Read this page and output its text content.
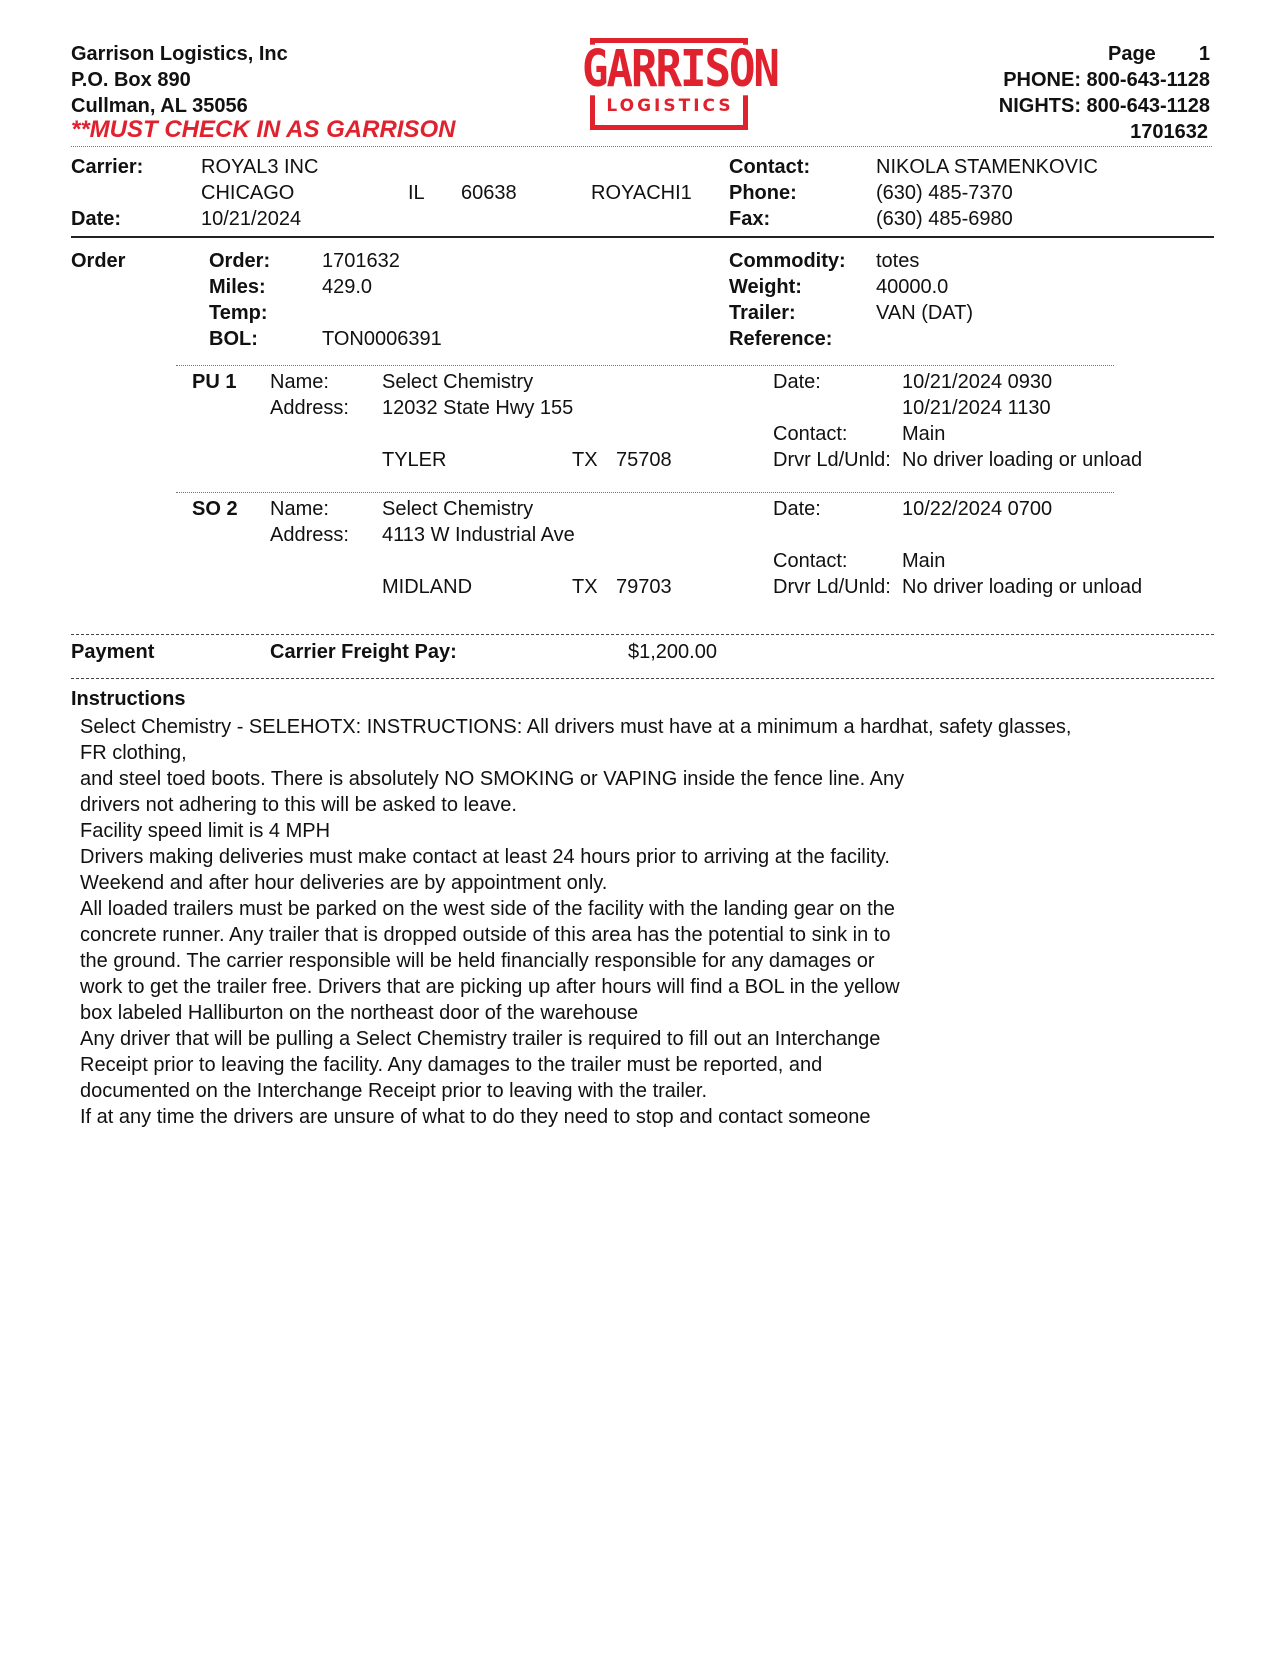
Garrison Logistics, Inc
P.O. Box 890
Cullman, AL 35056
**MUST CHECK IN AS GARRISON
GARRISON
LOGISTICS
Page	1
PHONE: 800-643-1128
NIGHTS: 800-643-1128
1701632
Carrier:	ROYAL3 INC
CHICAGO	IL 60638	ROYACHI1
Date:	10/21/2024
Contact:	NIKOLA STAMENKOVIC
Phone:	(630) 485-7370
Fax:	(630) 485-6980
Order	Order:	1701632
Miles:	429.0
Temp:
BOL:	TON0006391
Commodity: totes
Weight:	40000.0
Trailer:	VAN (DAT)
Reference:
PU 1 Name:	Select Chemistry
Address: 12032 State Hwy 155
TYLER	TX 75708
Date:	10/21/2024 0930
10/21/2024 1130
Contact:	Main
Drvr Ld/Unld: No driver loading or unload
SO 2 Name:	Select Chemistry
Address: 4113 W Industrial Ave
MIDLAND	TX 79703
Date:	10/22/2024 0700
Contact:	Main
Drvr Ld/Unld: No driver loading or unload
Payment	Carrier Freight Pay:	$1,200.00
Instructions
Select Chemistry - SELEHOTX: INSTRUCTIONS: All drivers must have at a minimum a hardhat, safety glasses,
FR clothing,
and steel toed boots. There is absolutely NO SMOKING or VAPING inside the fence line. Any
drivers not adhering to this will be asked to leave.
Facility speed limit is 4 MPH
Drivers making deliveries must make contact at least 24 hours prior to arriving at the facility.
Weekend and after hour deliveries are by appointment only.
All loaded trailers must be parked on the west side of the facility with the landing gear on the
concrete runner. Any trailer that is dropped outside of this area has the potential to sink in to
the ground. The carrier responsible will be held financially responsible for any damages or
work to get the trailer free. Drivers that are picking up after hours will find a BOL in the yellow
box labeled Halliburton on the northeast door of the warehouse
Any driver that will be pulling a Select Chemistry trailer is required to fill out an Interchange
Receipt prior to leaving the facility. Any damages to the trailer must be reported, and
documented on the Interchange Receipt prior to leaving with the trailer.
If at any time the drivers are unsure of what to do they need to stop and contact someone
